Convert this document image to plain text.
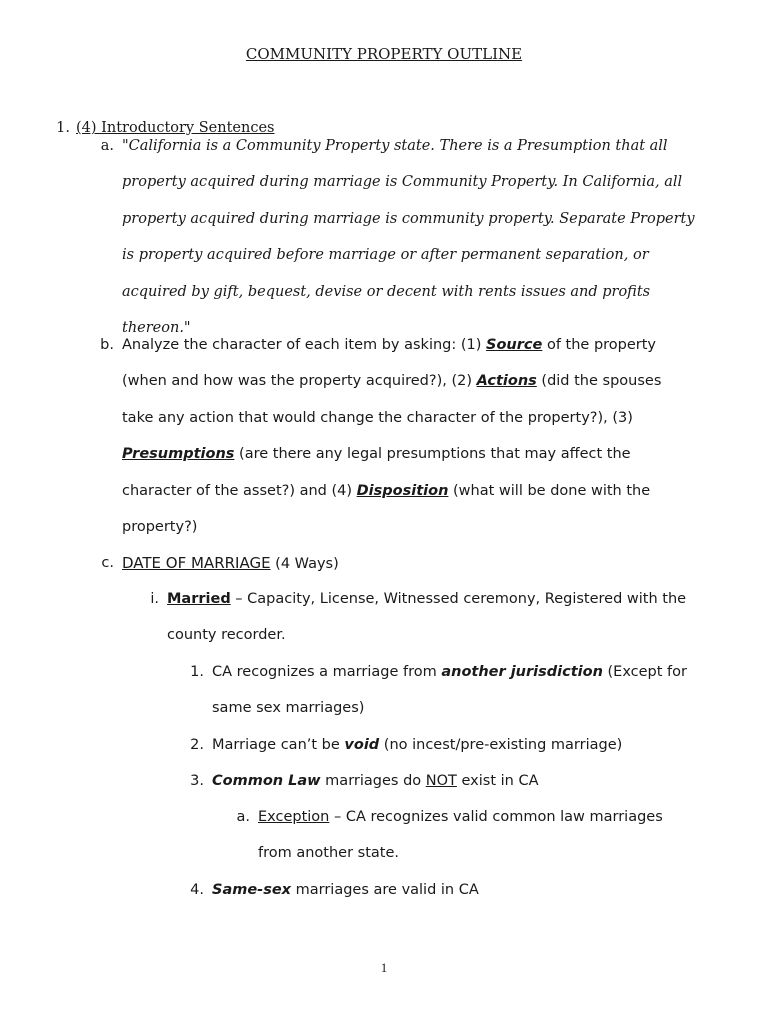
COMMUNITY PROPERTY OUTLINE
1. (4) Introductory Sentences
a. "California is a Community Property state. There is a Presumption that all
property acquired during marriage is Community Property. In California, all
property acquired during marriage is community property. Separate Property
is property acquired before marriage or after permanent separation, or
acquired by gift, bequest, devise or decent with rents issues and profits
thereon."
b. Analyze the character of each item by asking: (1) Source of the property
(when and how was the property acquired?), (2) Actions (did the spouses
take any action that would change the character of the property?), (3)
Presumptions (are there any legal presumptions that may affect the
character of the asset?) and (4) Disposition (what will be done with the
property?)
c. DATE OF MARRIAGE (4 Ways)
i. Married – Capacity, License, Witnessed ceremony, Registered with the
county recorder.
1. CA recognizes a marriage from another jurisdiction (Except for
same sex marriages)
2. Marriage can’t be void (no incest/pre-existing marriage)
3. Common Law marriages do NOT exist in CA
a. Exception – CA recognizes valid common law marriages
from another state.
4. Same-sex marriages are valid in CA
1
